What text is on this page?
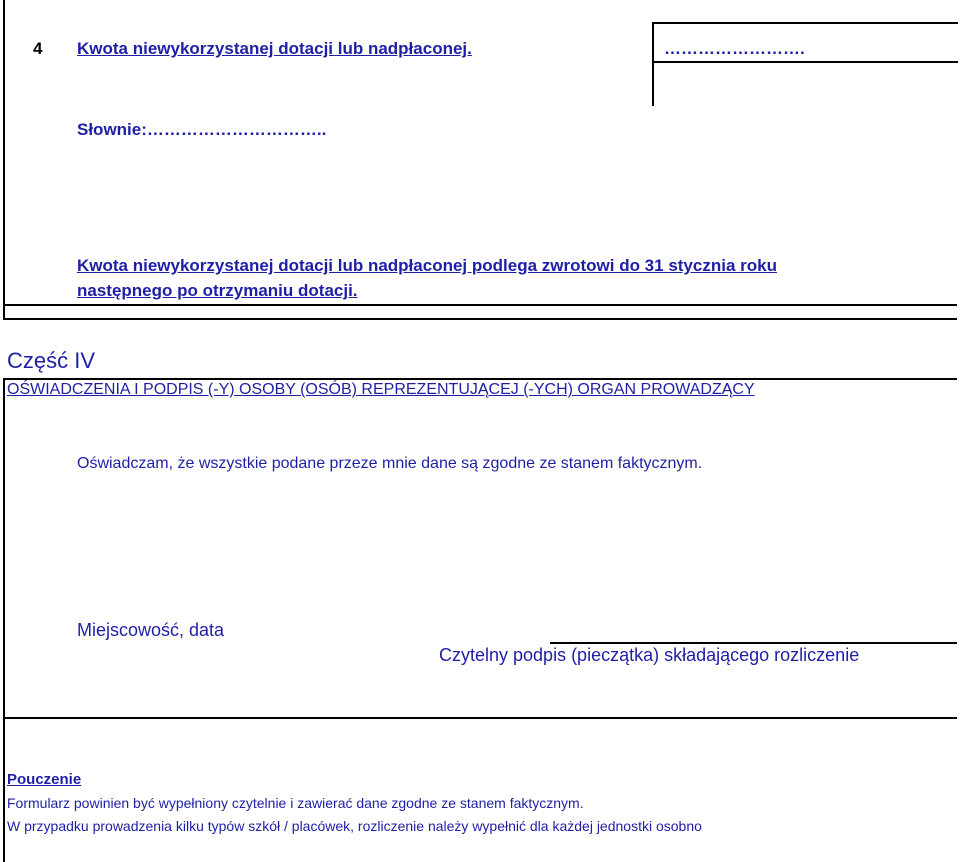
4 Kwota niewykorzystanej dotacji lub nadpłaconej.	…………………….
Słownie:…………………………..
Kwota niewykorzystanej dotacji lub nadpłaconej podlega zwrotowi do 31 stycznia roku
następnego po otrzymaniu dotacji.
Część IV
OŚWIADCZENIA I PODPIS (-Y) OSOBY (OSÓB) REPREZENTUJĄCEJ (-YCH) ORGAN PROWADZĄCY
Oświadczam, że wszystkie podane przeze mnie dane są zgodne ze stanem faktycznym.
Miejscowość, data
Czytelny podpis (pieczątka) składającego rozliczenie
Pouczenie
Formularz powinien być wypełniony czytelnie i zawierać dane zgodne ze stanem faktycznym.
W przypadku prowadzenia kilku typów szkół / placówek, rozliczenie należy wypełnić dla każdej jednostki osobno
